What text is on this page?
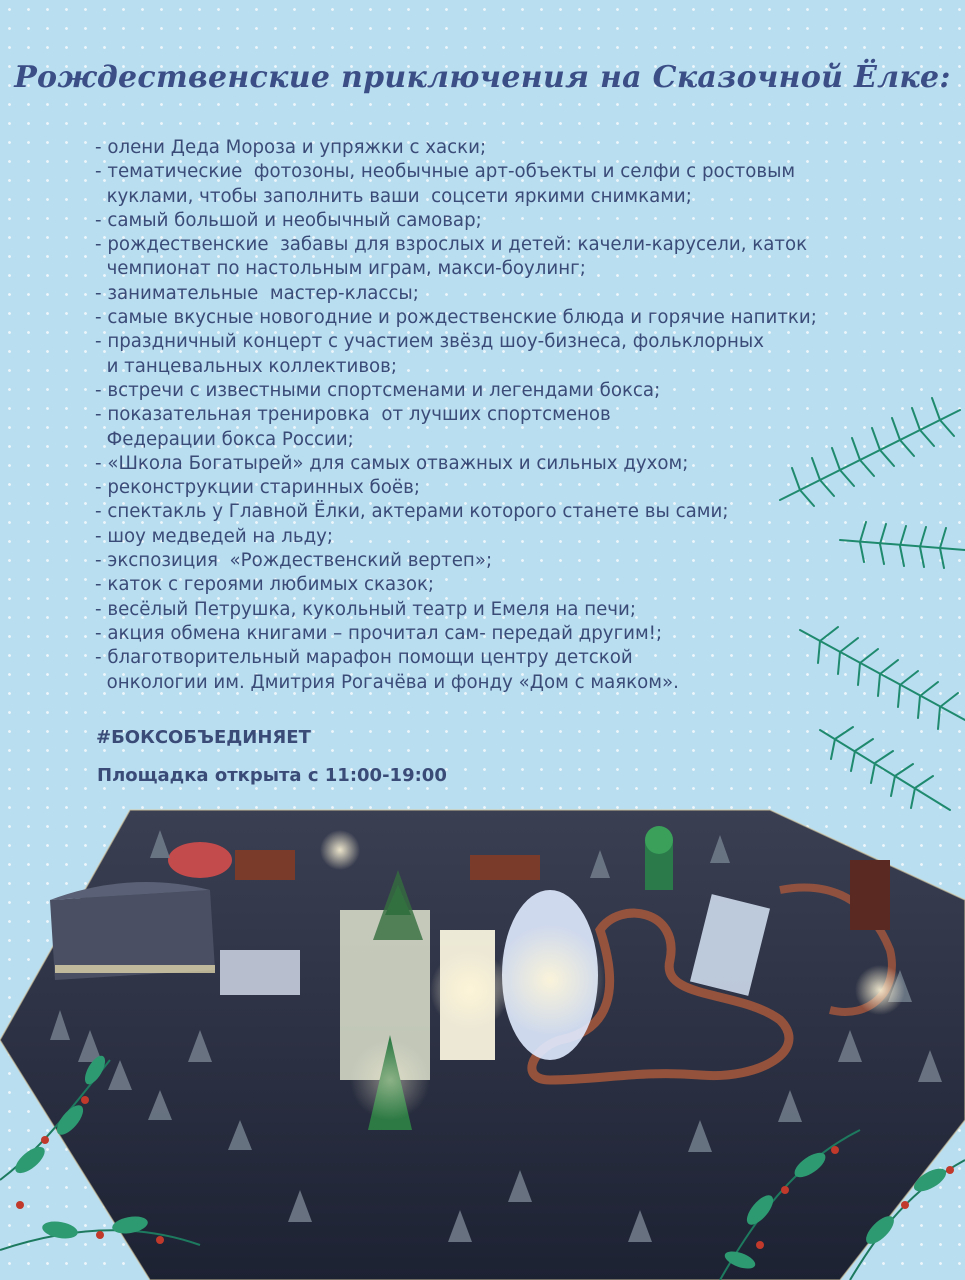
Рождественские приключения на Сказочной Ёлке:
- олени Деда Мороза и упряжки с хаски;
- тематические  фотозоны, необычные арт-объекты и селфи с ростовым
куклами, чтобы заполнить ваши  соцсети яркими снимками;
- самый большой и необычный самовар;
- рождественские  забавы для взрослых и детей: качели-карусели, каток
чемпионат по настольным играм, макси-боулинг;
- занимательные  мастер-классы;
- самые вкусные новогодние и рождественские блюда и горячие напитки;
- праздничный концерт с участием звёзд шоу-бизнеса, фольклорных
и танцевальных коллективов;
- встречи с известными спортсменами и легендами бокса;
- показательная тренировка  от лучших спортсменов
Федерации бокса России;
- «Школа Богатырей» для самых отважных и сильных духом;
- реконструкции старинных боёв;
- спектакль у Главной Ёлки, актерами которого станете вы сами;
- шоу медведей на льду;
- экспозиция  «Рождественский вертеп»;
- каток с героями любимых сказок;
- весёлый Петрушка, кукольный театр и Емеля на печи;
- акция обмена книгами – прочитал сам- передай другим!;
- благотворительный марафон помощи центру детской
онкологии им. Дмитрия Рогачёва и фонду «Дом с маяком».
#БОКСОБЪЕДИНЯЕТ
Площадка открыта с 11:00-19:00
